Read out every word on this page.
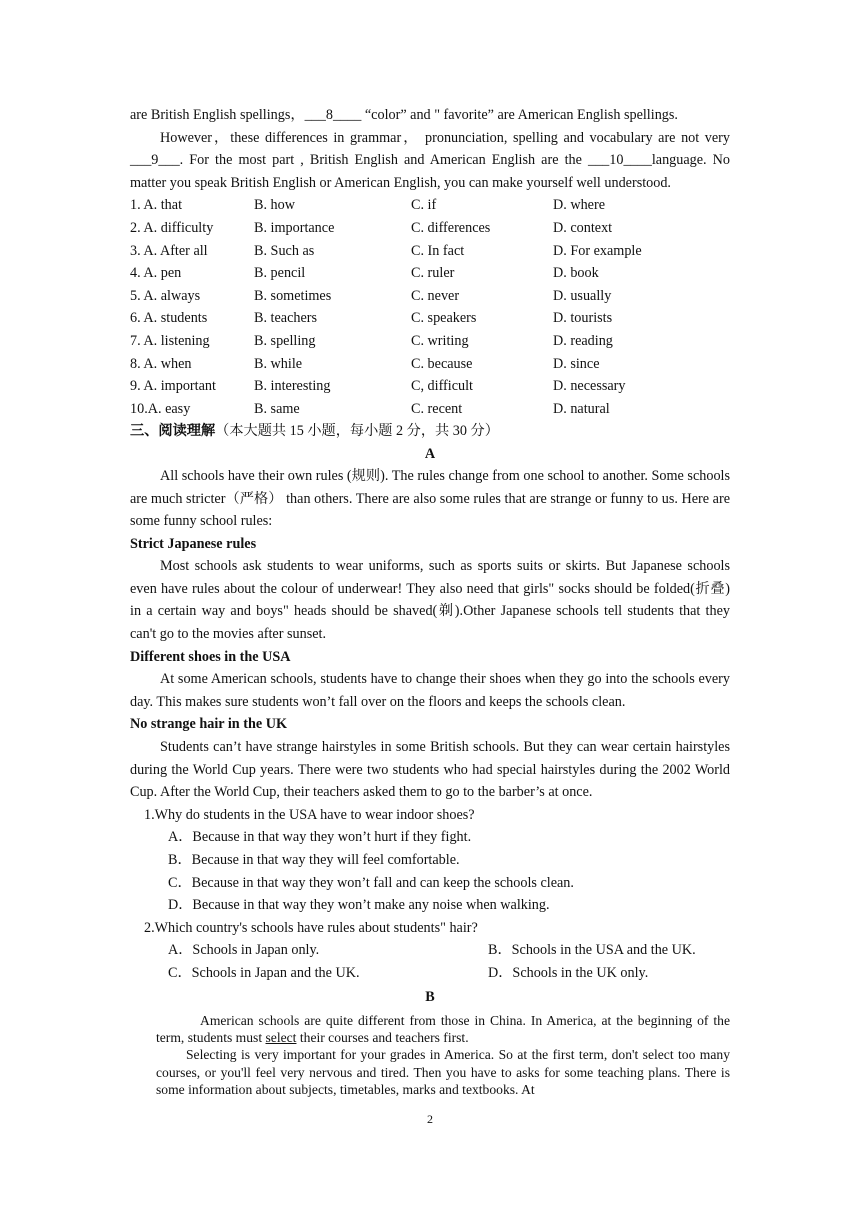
are British English spellings，___8____ “color” and " favorite” are American English spellings.
However，these differences in grammar， pronunciation, spelling and vocabulary are not very ___9___. For the most part , British English and American English are the ___10____language. No matter you speak British English or American English, you can make yourself well understood.
1. A. that	B. how	C. if	D. where
2. A. difficulty	B. importance	C. differences	D. context
3. A. After all	B. Such as	C. In fact	D. For example
4. A. pen	B. pencil	C. ruler	D. book
5. A. always	B. sometimes	C. never	D. usually
6. A. students	B. teachers	C. speakers	D. tourists
7. A. listening	B. spelling	C. writing	D. reading
8. A. when	B. while	C. because	D. since
9. A. important	B. interesting	C, difficult	D. necessary
10.A. easy	B. same	C. recent	D. natural
三、阅读理解（本大题共 15 小题，每小题 2 分，共 30 分）
A
All schools have their own rules (规则). The rules change from one school to another. Some schools are much stricter（严格） than others. There are also some rules that are strange or funny to us. Here are some funny school rules:
Strict Japanese rules
Most schools ask students to wear uniforms, such as sports suits or skirts. But Japanese schools even have rules about the colour of underwear! They also need that girls" socks should be folded(折叠) in a certain way and boys" heads should be shaved(剃).Other Japanese schools tell students that they can't go to the movies after sunset.
Different shoes in the USA
At some American schools, students have to change their shoes when they go into the schools every day. This makes sure students won’t fall over on the floors and keeps the schools clean.
No strange hair in the UK
Students can’t have strange hairstyles in some British schools. But they can wear certain hairstyles during the World Cup years. There were two students who had special hairstyles during the 2002 World Cup. After the World Cup, their teachers asked them to go to the barber’s at once.
1.Why do students in the USA have to wear indoor shoes?
A．Because in that way they won’t hurt if they fight.
B．Because in that way they will feel comfortable.
C．Because in that way they won’t fall and can keep the schools clean.
D．Because in that way they won’t make any noise when walking.
2.Which country's schools have rules about students" hair?
A．Schools in Japan only.	B．Schools in the USA and the UK.
C．Schools in Japan and the UK.	D．Schools in the UK only.
B
American schools are quite different from those in China. In America, at the beginning of the term, students must select their courses and teachers first.
Selecting is very important for your grades in America. So at the first term, don't select too many courses, or you'll feel very nervous and tired. Then you have to asks for some teaching plans. There is some information about subjects, timetables, marks and textbooks. At
2
